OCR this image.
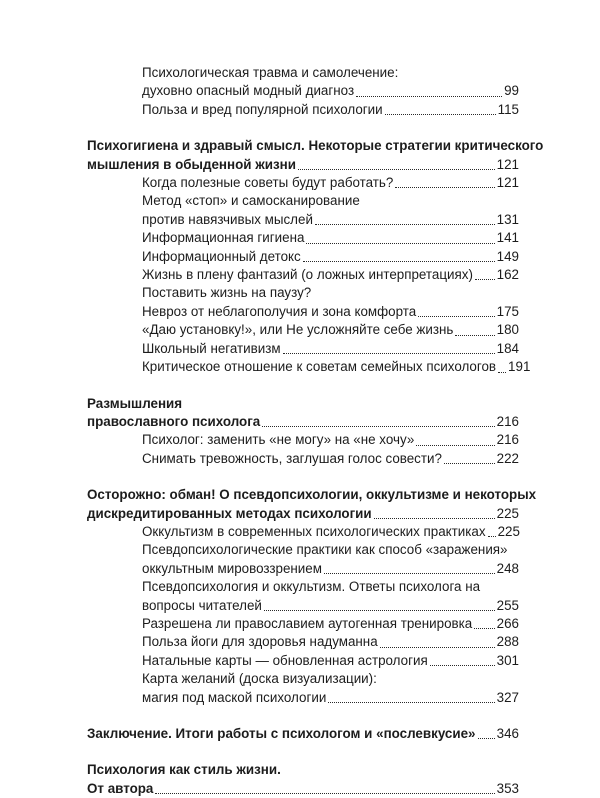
Психологическая травма и самолечение:
духовно опасный модный диагноз	99
Польза и вред популярной психологии	115
Психогигиена и здравый смысл. Некоторые стратегии критического
мышления в обыденной жизни	121
Когда полезные советы будут работать?	121
Метод «стоп» и самосканирование
против навязчивых мыслей	131
Информационная гигиена	141
Информационный детокс	149
Жизнь в плену фантазий (о ложных интерпретациях) 162
Поставить жизнь на паузу?
Невроз от неблагополучия и зона комфорта	175
«Даю установку!», или Не усложняйте себе жизнь	180
Школьный негативизм	184
Критическое отношение к советам семейных психологов 191
Размышления
православного психолога	216
Психолог: заменить «не могу» на «не хочу»	216
Снимать тревожность, заглушая голос совести?	222
Осторожно: обман! О псевдопсихологии, оккультизме и некоторых
дискредитированных методах психологии	225
Оккультизм в современных психологических практиках 225
Псевдопсихологические практики как способ «заражения»
оккультным мировоззрением	248
Псевдопсихология и оккультизм. Ответы психолога на
вопросы читателей	255
Разрешена ли православием аутогенная тренировка 266
Польза йоги для здоровья надуманна	288
Натальные карты — обновленная астрология	301
Карта желаний (доска визуализации):
магия под маской психологии	327
Заключение. Итоги работы с психологом и «послевкусие» 346
Психология как стиль жизни.
От автора	353
